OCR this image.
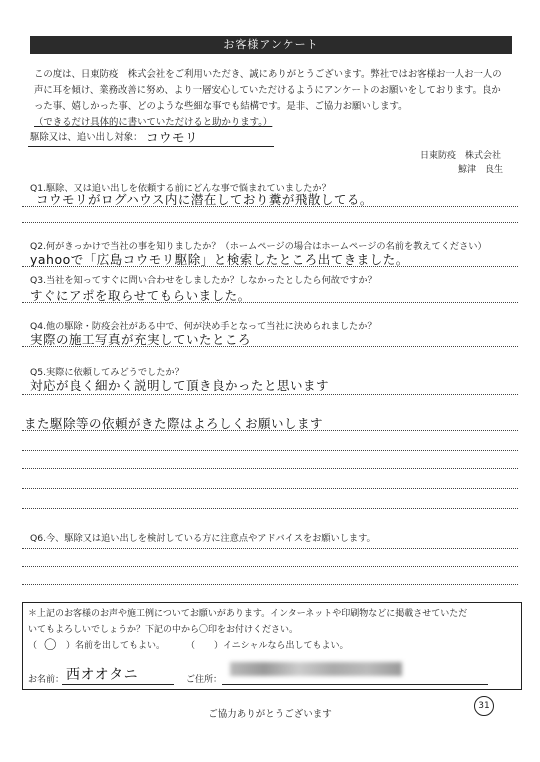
お客様アンケート
この度は、日東防疫　株式会社をご利用いただき、誠にありがとうございます。弊社ではお客様お一人お一人の
声に耳を傾け、業務改善に努め、より一層安心していただけるようにアンケートのお願いをしております。良か
った事、嬉しかった事、どのような些細な事でも結構です。是非、ご協力お願いします。
（できるだけ具体的に書いていただけると助かります。）
駆除又は、追い出し対象： コウモリ
日東防疫　株式会社
鯨津　良生
Q1.駆除、又は追い出しを依頼する前にどんな事で悩まれていましたか？
コウモリがログハウス内に潜在しており糞が飛散してる。
Q2.何がきっかけで当社の事を知りましたか？（ホームページの場合はホームページの名前を教えてください）
yahooで「広島コウモリ駆除」と検索したところ出てきました。
Q3.当社を知ってすぐに問い合わせをしましたか？しなかったとしたら何故ですか？
すぐにアポを取らせてもらいました。
Q4.他の駆除・防疫会社がある中で、何が決め手となって当社に決められましたか？
実際の施工写真が充実していたところ
Q5.実際に依頼してみどうでしたか？
対応が良く細かく説明して頂き良かったと思います
また駆除等の依頼がきた際はよろしくお願いします
Q6.今、駆除又は追い出しを検討している方に注意点やアドバイスをお願いします。
＊上記のお客様のお声や施工例についてお願いがあります。インターネットや印刷物などに掲載させていただ
いてもよろしいでしょうか？下記の中から〇印をお付けください。
（ 〇 ）名前を出してもよい。 （ ）イニシャルなら出してもよい。
お名前： 西オオタニ	ご住所：
31
ご協力ありがとうございます
